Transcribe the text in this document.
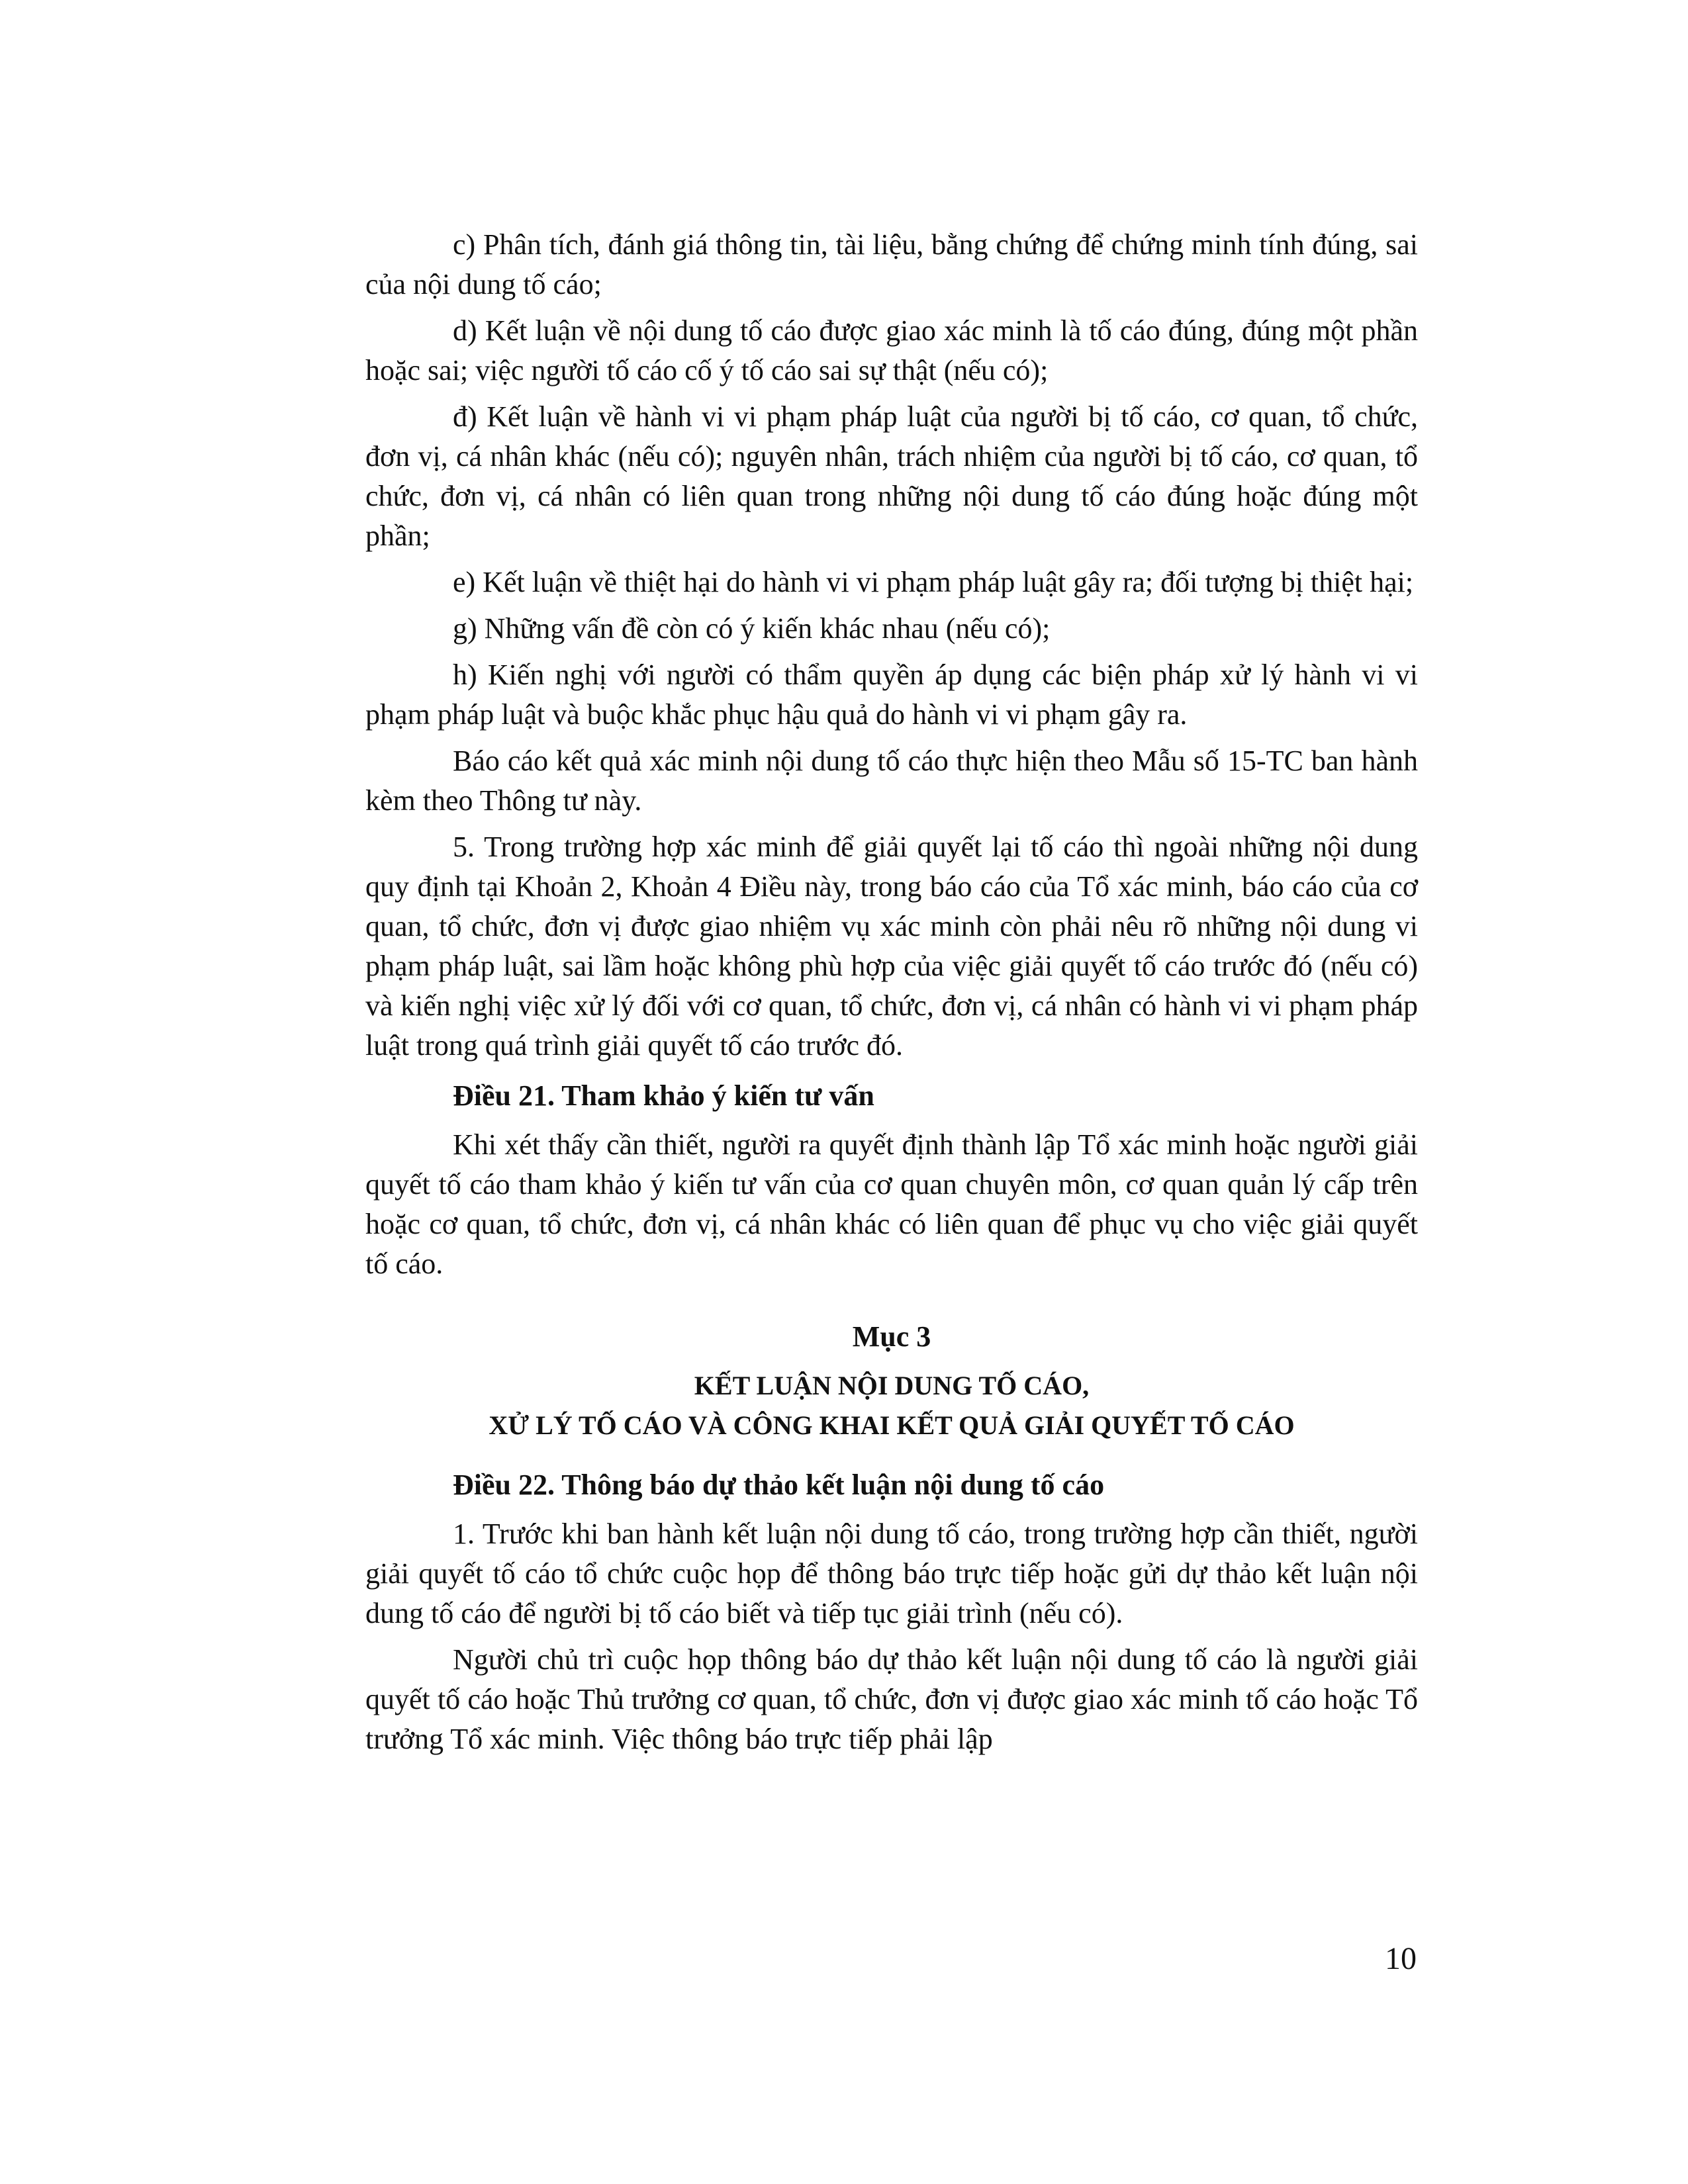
c) Phân tích, đánh giá thông tin, tài liệu, bằng chứng để chứng minh tính đúng, sai của nội dung tố cáo;

d) Kết luận về nội dung tố cáo được giao xác minh là tố cáo đúng, đúng một phần hoặc sai; việc người tố cáo cố ý tố cáo sai sự thật (nếu có);

đ) Kết luận về hành vi vi phạm pháp luật của người bị tố cáo, cơ quan, tổ chức, đơn vị, cá nhân khác (nếu có); nguyên nhân, trách nhiệm của người bị tố cáo, cơ quan, tổ chức, đơn vị, cá nhân có liên quan trong những nội dung tố cáo đúng hoặc đúng một phần;

e) Kết luận về thiệt hại do hành vi vi phạm pháp luật gây ra; đối tượng bị thiệt hại;

g) Những vấn đề còn có ý kiến khác nhau (nếu có);

h) Kiến nghị với người có thẩm quyền áp dụng các biện pháp xử lý hành vi vi phạm pháp luật và buộc khắc phục hậu quả do hành vi vi phạm gây ra.

Báo cáo kết quả xác minh nội dung tố cáo thực hiện theo Mẫu số 15-TC ban hành kèm theo Thông tư này.

5. Trong trường hợp xác minh để giải quyết lại tố cáo thì ngoài những nội dung quy định tại Khoản 2, Khoản 4 Điều này, trong báo cáo của Tổ xác minh, báo cáo của cơ quan, tổ chức, đơn vị được giao nhiệm vụ xác minh còn phải nêu rõ những nội dung vi phạm pháp luật, sai lầm hoặc không phù hợp của việc giải quyết tố cáo trước đó (nếu có) và kiến nghị việc xử lý đối với cơ quan, tổ chức, đơn vị, cá nhân có hành vi vi phạm pháp luật trong quá trình giải quyết tố cáo trước đó.

Điều 21. Tham khảo ý kiến tư vấn

Khi xét thấy cần thiết, người ra quyết định thành lập Tổ xác minh hoặc người giải quyết tố cáo tham khảo ý kiến tư vấn của cơ quan chuyên môn, cơ quan quản lý cấp trên hoặc cơ quan, tổ chức, đơn vị, cá nhân khác có liên quan để phục vụ cho việc giải quyết tố cáo.

Mục 3
KẾT LUẬN NỘI DUNG TỐ CÁO,
XỬ LÝ TỐ CÁO VÀ CÔNG KHAI KẾT QUẢ GIẢI QUYẾT TỐ CÁO

Điều 22. Thông báo dự thảo kết luận nội dung tố cáo

1. Trước khi ban hành kết luận nội dung tố cáo, trong trường hợp cần thiết, người giải quyết tố cáo tổ chức cuộc họp để thông báo trực tiếp hoặc gửi dự thảo kết luận nội dung tố cáo để người bị tố cáo biết và tiếp tục giải trình (nếu có).

Người chủ trì cuộc họp thông báo dự thảo kết luận nội dung tố cáo là người giải quyết tố cáo hoặc Thủ trưởng cơ quan, tổ chức, đơn vị được giao xác minh tố cáo hoặc Tổ trưởng Tổ xác minh. Việc thông báo trực tiếp phải lập

10
